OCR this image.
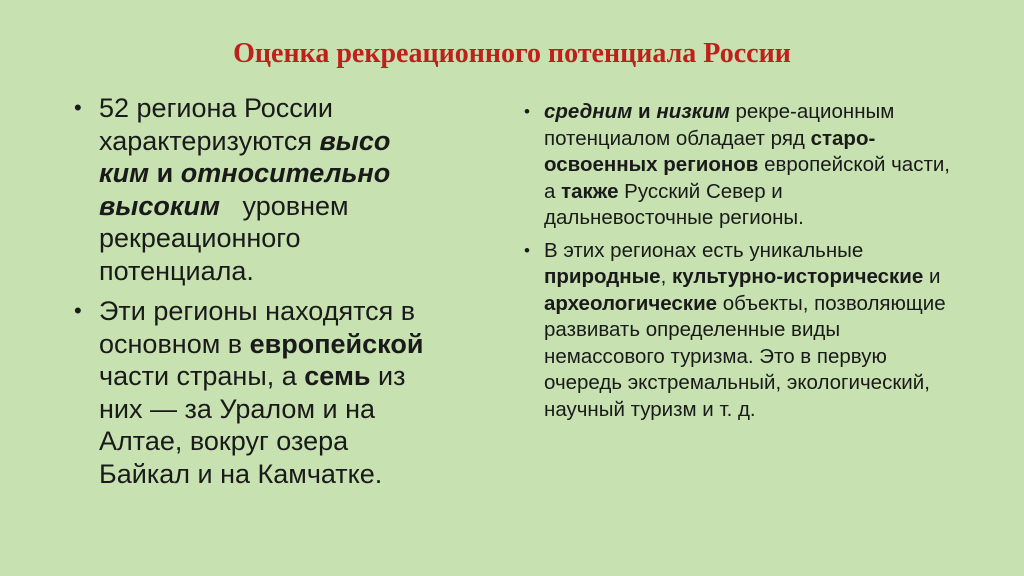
Оценка рекреационного потенциала России
• 52 региона России характеризуются высо ким и относительно высоким   уровнем рекреационного потенциала.
• Эти регионы находятся в основном в европейской части страны, а семь из них — за Уралом и на Алтае, вокруг озера Байкал и на Камчатке.
• средним и низким рекре-ационным потенциалом обладает ряд старо-освоенных регионов европейской части, а также Русский Север и дальневосточные регионы.
• В этих регионах есть уникальные природные, культурно-исторические и археологические объекты, позволяющие развивать определенные виды немассового туризма. Это в первую очередь экстремальный, экологический, научный туризм и т. д.
